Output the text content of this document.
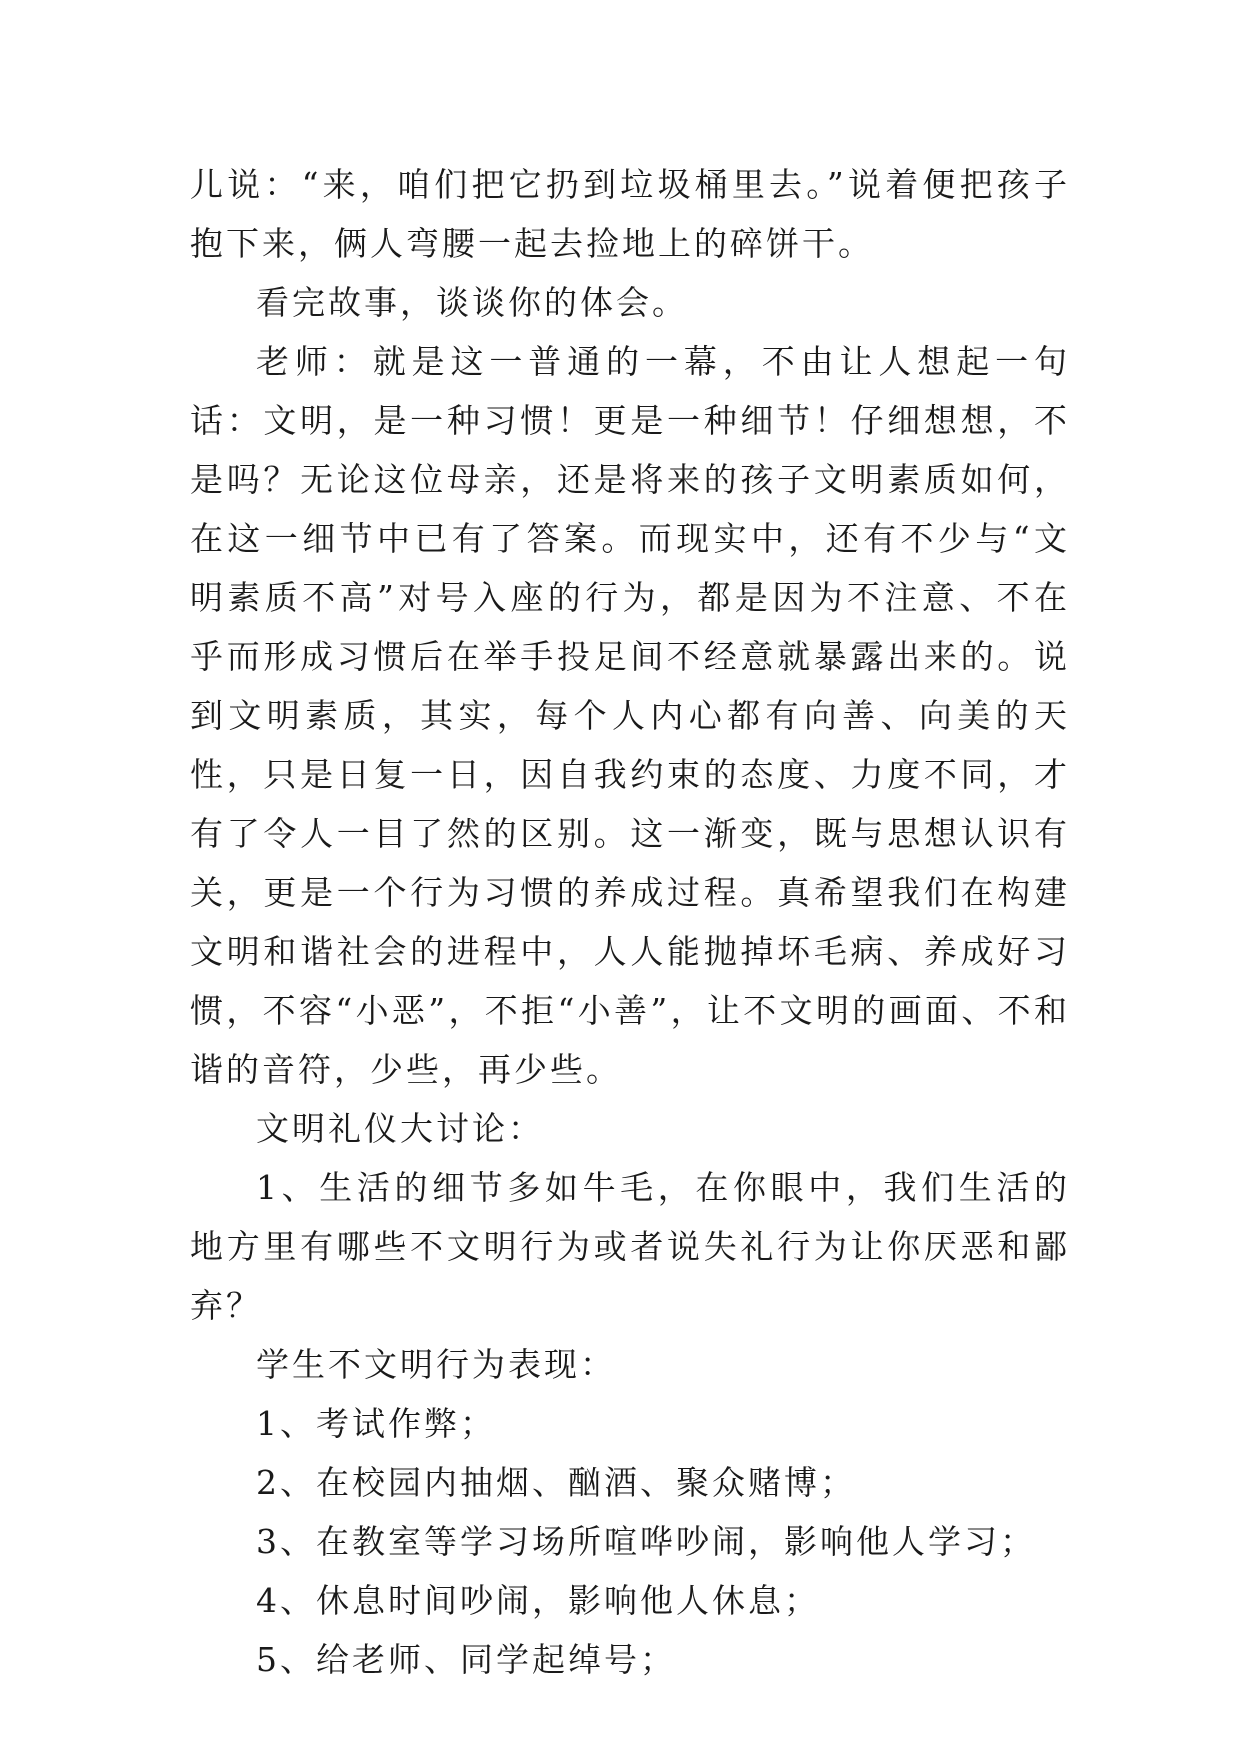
儿说：“来，咱们把它扔到垃圾桶里去。”说着便把孩子抱下来，俩人弯腰一起去捡地上的碎饼干。

看完故事，谈谈你的体会。

老师：就是这一普通的一幕，不由让人想起一句话：文明，是一种习惯！更是一种细节！仔细想想，不是吗？无论这位母亲，还是将来的孩子文明素质如何，在这一细节中已有了答案。而现实中，还有不少与“文明素质不高”对号入座的行为，都是因为不注意、不在乎而形成习惯后在举手投足间不经意就暴露出来的。说到文明素质，其实，每个人内心都有向善、向美的天性，只是日复一日，因自我约束的态度、力度不同，才有了令人一目了然的区别。这一渐变，既与思想认识有关，更是一个行为习惯的养成过程。真希望我们在构建文明和谐社会的进程中，人人能抛掉坏毛病、养成好习惯，不容“小恶”，不拒“小善”，让不文明的画面、不和谐的音符，少些，再少些。

文明礼仪大讨论：

1、生活的细节多如牛毛，在你眼中，我们生活的地方里有哪些不文明行为或者说失礼行为让你厌恶和鄙弃？

学生不文明行为表现：

1、考试作弊；

2、在校园内抽烟、酗酒、聚众赌博；

3、在教室等学习场所喧哗吵闹，影响他人学习；

4、休息时间吵闹，影响他人休息；

5、给老师、同学起绰号；
